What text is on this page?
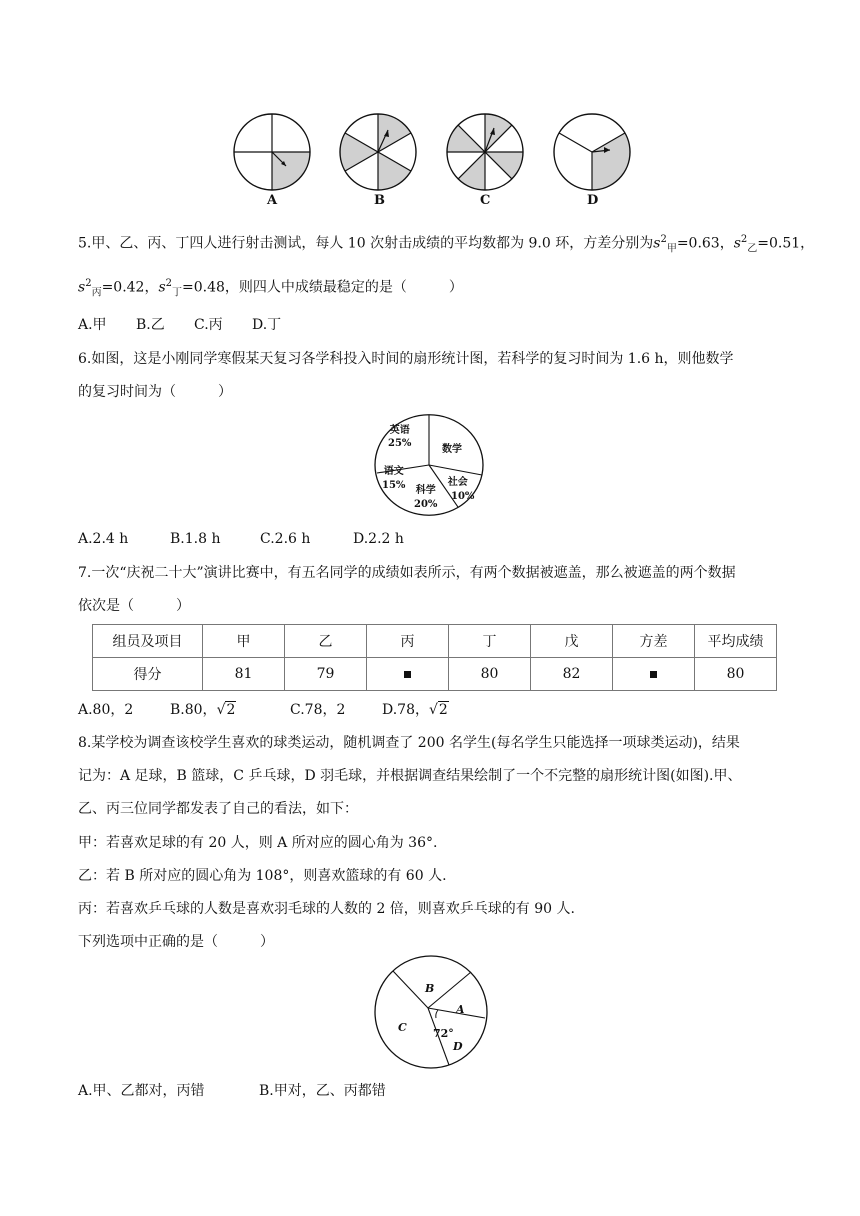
A	B	C	D
5.甲、乙、丙、丁四人进行射击测试，每人 10 次射击成绩的平均数都为 9.0 环，方差分别为$s^2_甲=0.63$，$s^2_乙=0.51$，
$s^2_丙=0.42$，$s^2_丁=0.48$，则四人中成绩最稳定的是（　　　）
A.甲 B.乙 C.丙 D.丁
6.如图，这是小刚同学寒假某天复习各学科投入时间的扇形统计图，若科学的复习时间为 1.6 h，则他数学
的复习时间为（　　　）
英语
25%
数学
语文
15% 科学
20%
社会
10%
A.2.4 h	B.1.8 h	C.2.6 h	D.2.2 h
7.一次“庆祝二十大”演讲比赛中，有五名同学的成绩如表所示，有两个数据被遮盖，那么被遮盖的两个数据
依次是（　　　）
组员及项目	甲	乙	丙	丁	戊	方差	平均成绩
得分	81	79		80	82		80
A.80，2	B.80，√2	C.78，2	D.78，√2
8.某学校为调查该校学生喜欢的球类运动，随机调查了 200 名学生(每名学生只能选择一项球类运动)，结果
记为：A 足球，B 篮球，C 乒乓球，D 羽毛球，并根据调查结果绘制了一个不完整的扇形统计图(如图).甲、
乙、丙三位同学都发表了自己的看法，如下：
甲：若喜欢足球的有 20 人，则 A 所对应的圆心角为 36°.
乙：若 B 所对应的圆心角为 108°，则喜欢篮球的有 60 人.
丙：若喜欢乒乓球的人数是喜欢羽毛球的人数的 2 倍，则喜欢乒乓球的有 90 人.
下列选项中正确的是（　　　）
B
A
C 72°
D
A.甲、乙都对，丙错	B.甲对，乙、丙都错
